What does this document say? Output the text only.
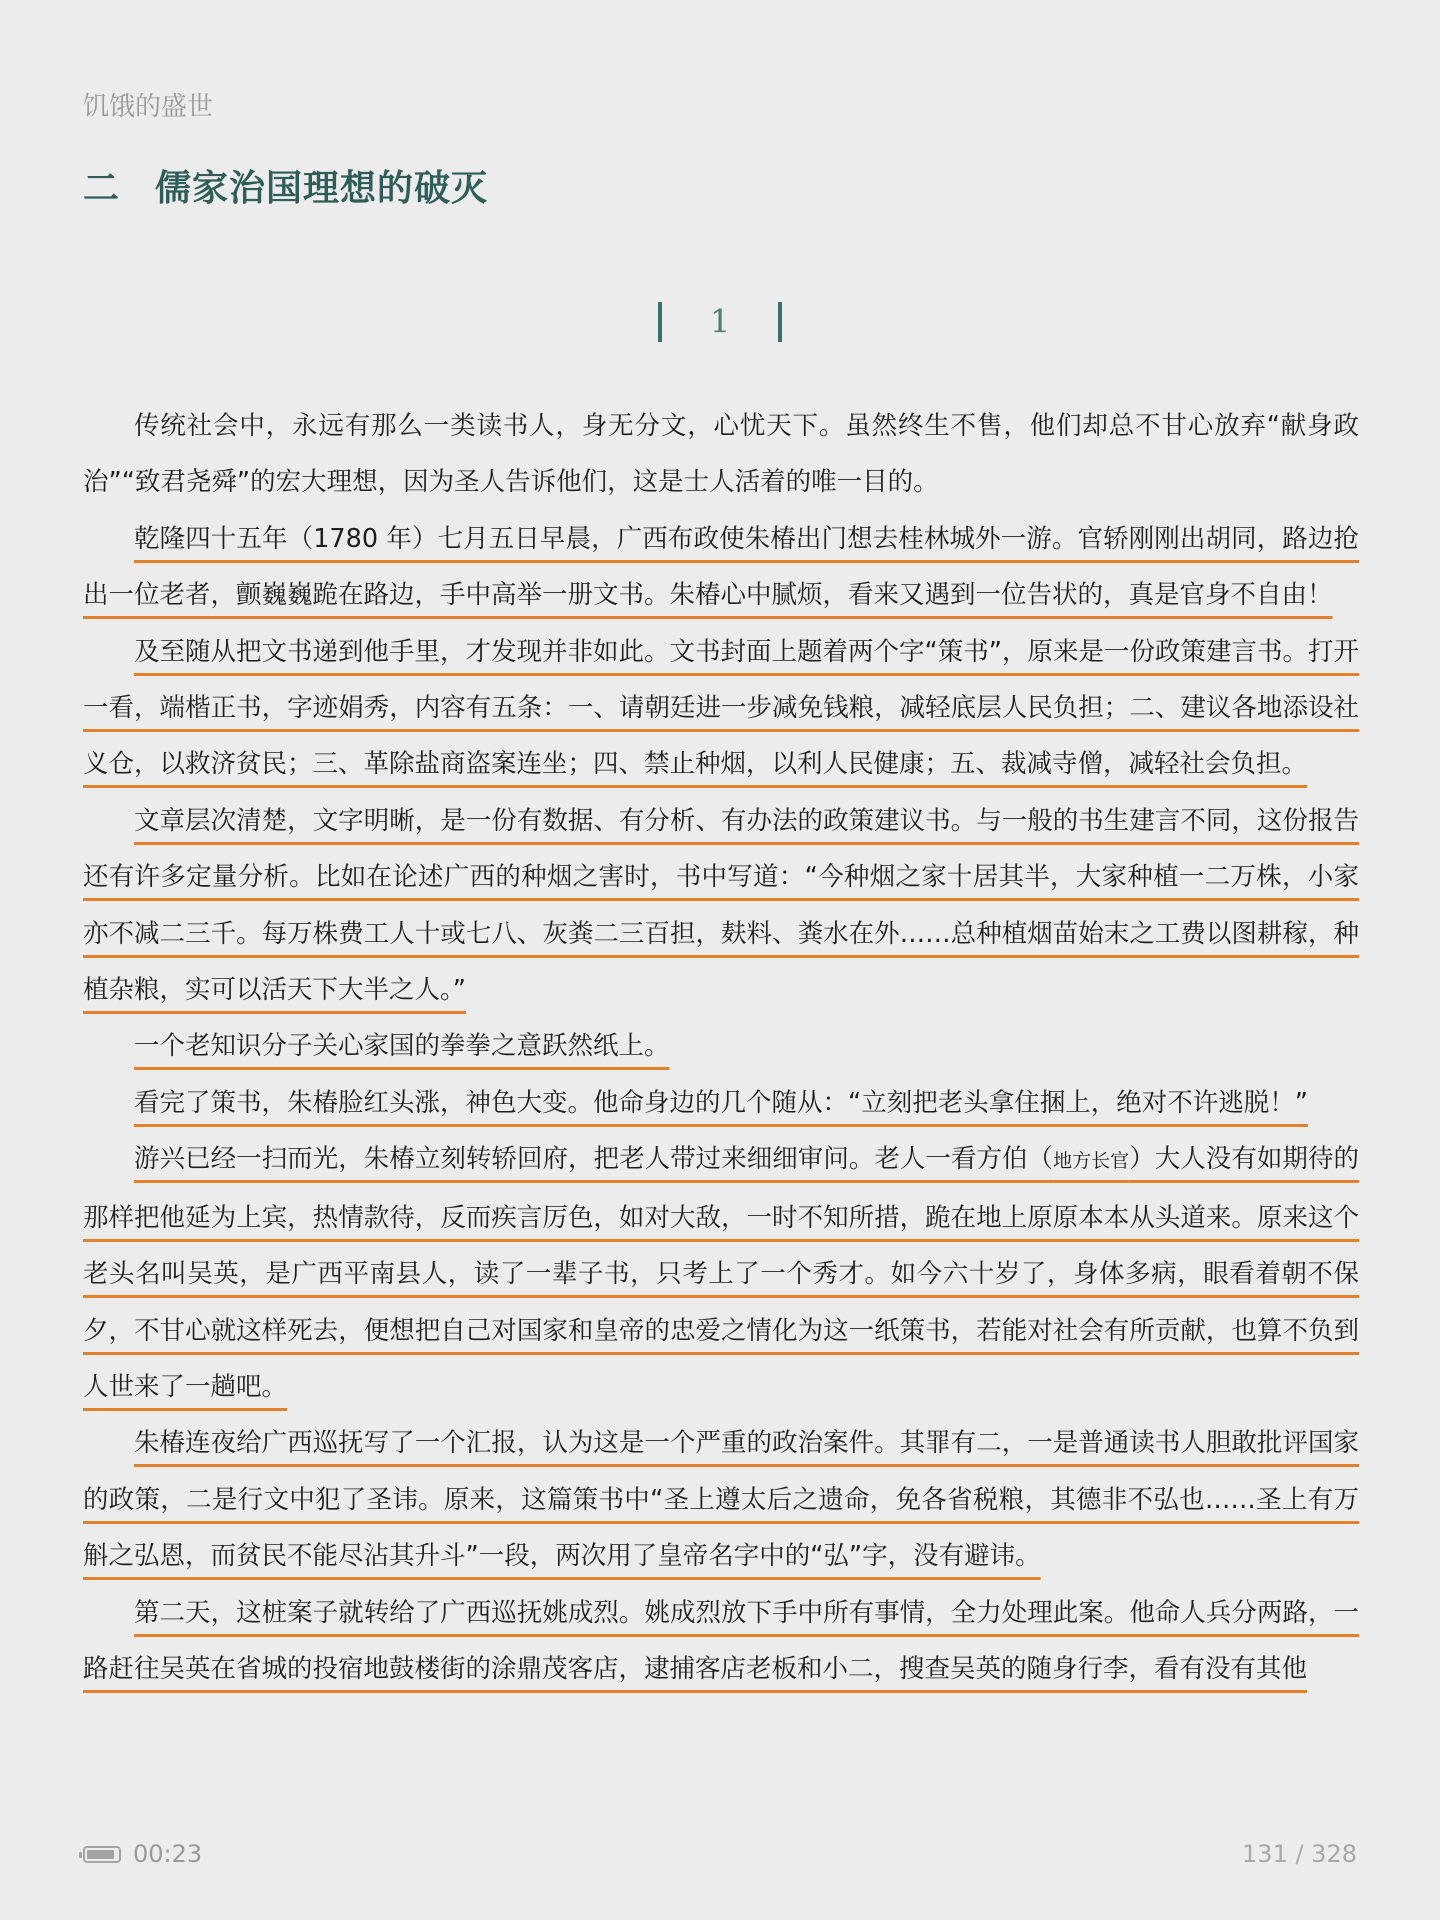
饥饿的盛世
二 儒家治国理想的破灭
1

传统社会中，永远有那么一类读书人，身无分文，心忧天下。虽然终生不售，他们却总不甘心放弃“献身政治”“致君尧舜”的宏大理想，因为圣人告诉他们，这是士人活着的唯一目的。

乾隆四十五年（1780 年）七月五日早晨，广西布政使朱椿出门想去桂林城外一游。官轿刚刚出胡同，路边抢出一位老者，颤巍巍跪在路边，手中高举一册文书。朱椿心中腻烦，看来又遇到一位告状的，真是官身不自由！

及至随从把文书递到他手里，才发现并非如此。文书封面上题着两个字“策书”，原来是一份政策建言书。打开一看，端楷正书，字迹娟秀，内容有五条：一、请朝廷进一步减免钱粮，减轻底层人民负担；二、建议各地添设社义仓，以救济贫民；三、革除盐商盗案连坐；四、禁止种烟，以利人民健康；五、裁减寺僧，减轻社会负担。

文章层次清楚，文字明晰，是一份有数据、有分析、有办法的政策建议书。与一般的书生建言不同，这份报告还有许多定量分析。比如在论述广西的种烟之害时，书中写道：“今种烟之家十居其半，大家种植一二万株，小家亦不减二三千。每万株费工人十或七八、灰粪二三百担，麸料、粪水在外……总种植烟苗始末之工费以图耕稼，种植杂粮，实可以活天下大半之人。”

一个老知识分子关心家国的拳拳之意跃然纸上。

看完了策书，朱椿脸红头涨，神色大变。他命身边的几个随从：“立刻把老头拿住捆上，绝对不许逃脱！”

游兴已经一扫而光，朱椿立刻转轿回府，把老人带过来细细审问。老人一看方伯（地方长官）大人没有如期待的那样把他延为上宾，热情款待，反而疾言厉色，如对大敌，一时不知所措，跪在地上原原本本从头道来。原来这个老头名叫吴英，是广西平南县人，读了一辈子书，只考上了一个秀才。如今六十岁了，身体多病，眼看着朝不保夕，不甘心就这样死去，便想把自己对国家和皇帝的忠爱之情化为这一纸策书，若能对社会有所贡献，也算不负到人世来了一趟吧。

朱椿连夜给广西巡抚写了一个汇报，认为这是一个严重的政治案件。其罪有二，一是普通读书人胆敢批评国家的政策，二是行文中犯了圣讳。原来，这篇策书中“圣上遵太后之遗命，免各省税粮，其德非不弘也……圣上有万斛之弘恩，而贫民不能尽沾其升斗”一段，两次用了皇帝名字中的“弘”字，没有避讳。

第二天，这桩案子就转给了广西巡抚姚成烈。姚成烈放下手中所有事情，全力处理此案。他命人兵分两路，一路赶往吴英在省城的投宿地鼓楼街的涂鼎茂客店，逮捕客店老板和小二，搜查吴英的随身行李，看有没有其他

00:23	131 / 328
